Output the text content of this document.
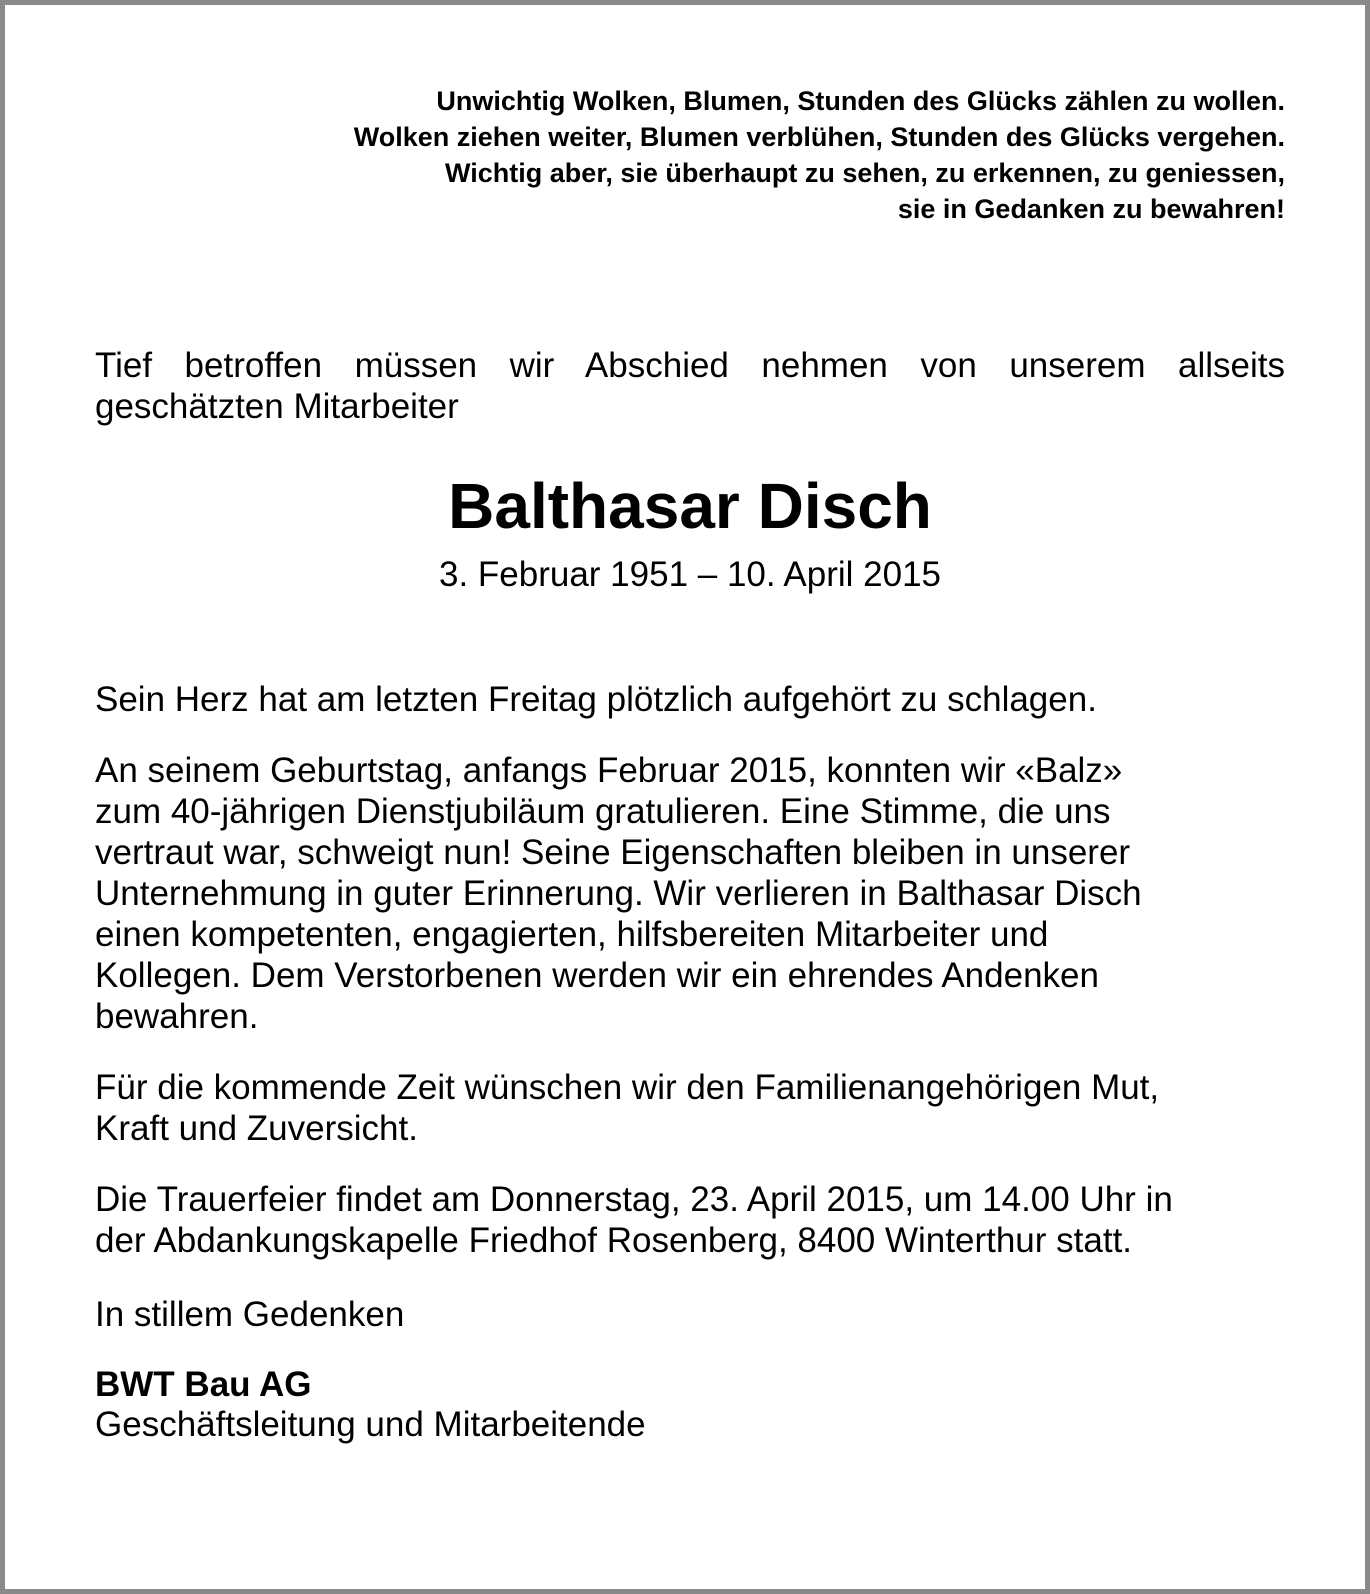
Unwichtig Wolken, Blumen, Stunden des Glücks zählen zu wollen.
Wolken ziehen weiter, Blumen verblühen, Stunden des Glücks vergehen.
Wichtig aber, sie überhaupt zu sehen, zu erkennen, zu geniessen,
sie in Gedanken zu bewahren!
Tief betroffen müssen wir Abschied nehmen von unserem allseits geschätzten Mitarbeiter
Balthasar Disch
3. Februar 1951 – 10. April 2015
Sein Herz hat am letzten Freitag plötzlich aufgehört zu schlagen.
An seinem Geburtstag, anfangs Februar 2015, konnten wir «Balz»
zum 40-jährigen Dienstjubiläum gratulieren. Eine Stimme, die uns
vertraut war, schweigt nun! Seine Eigenschaften bleiben in unserer
Unternehmung in guter Erinnerung. Wir verlieren in Balthasar Disch
einen kompetenten, engagierten, hilfsbereiten Mitarbeiter und
Kollegen. Dem Verstorbenen werden wir ein ehrendes Andenken
bewahren.
Für die kommende Zeit wünschen wir den Familienangehörigen Mut,
Kraft und Zuversicht.
Die Trauerfeier findet am Donnerstag, 23. April 2015, um 14.00 Uhr in
der Abdankungskapelle Friedhof Rosenberg, 8400 Winterthur statt.
In stillem Gedenken
BWT Bau AG
Geschäftsleitung und Mitarbeitende
